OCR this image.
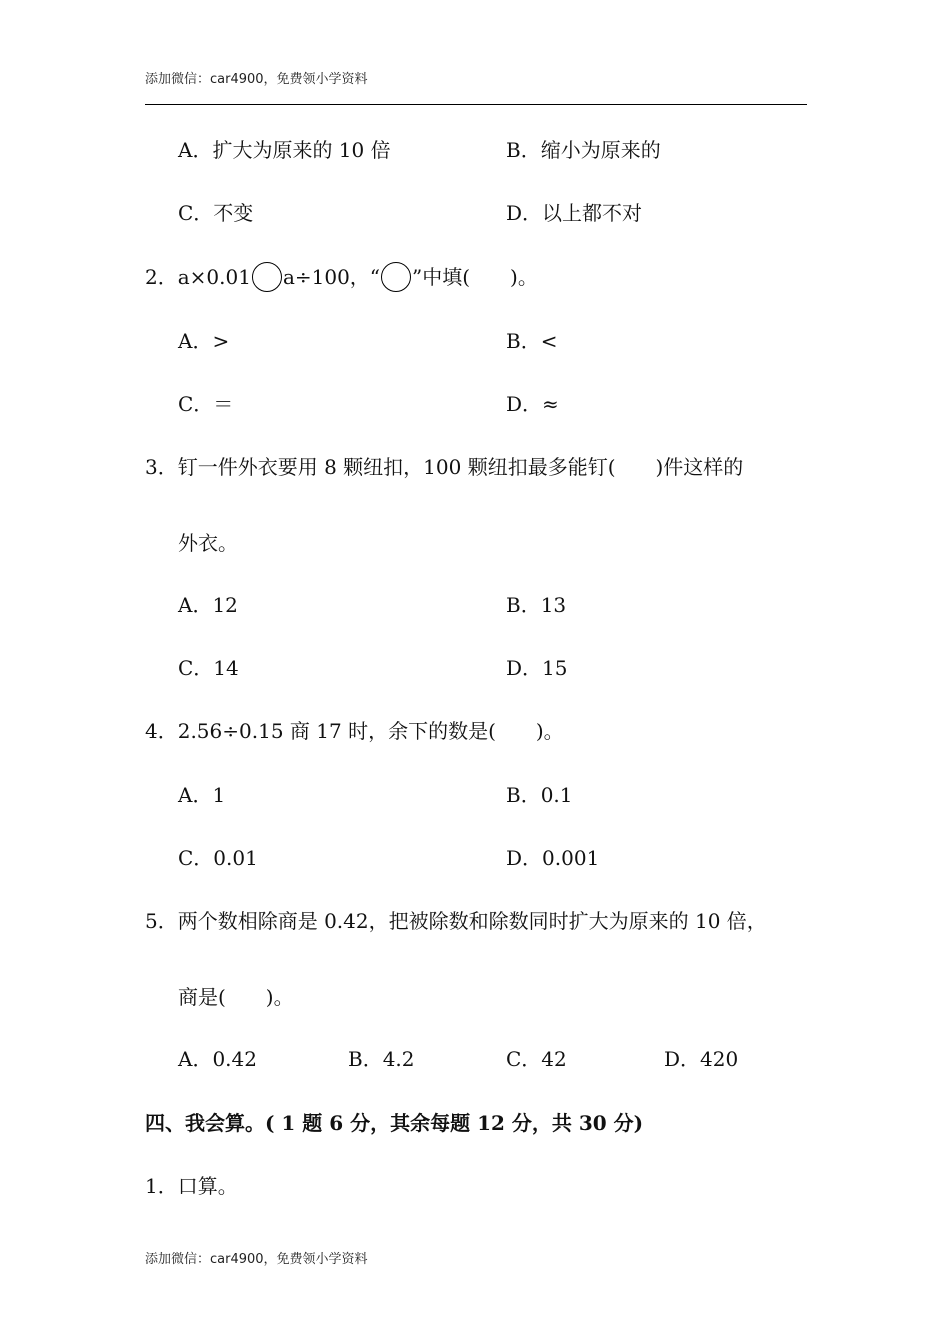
添加微信：car4900，免费领小学资料
A．扩大为原来的 10 倍	B．缩小为原来的
C．不变	D．以上都不对
2．a×0.01 a÷100，“ ”中填(　　)。
A．>	B．<
C．＝	D．≈
3．钉一件外衣要用 8 颗纽扣，100 颗纽扣最多能钉(　　)件这样的
外衣。
A．12	B．13
C．14	D．15
4．2.56÷0.15 商 17 时，余下的数是(　　)。
A．1	B．0.1
C．0.01	D．0.001
5．两个数相除商是 0.42，把被除数和除数同时扩大为原来的 10 倍，
商是(　　)。
A．0.42	B．4.2	C．42	D．420
四、我会算。( 1 题 6 分，其余每题 12 分，共 30 分)
1．口算。
添加微信：car4900，免费领小学资料
